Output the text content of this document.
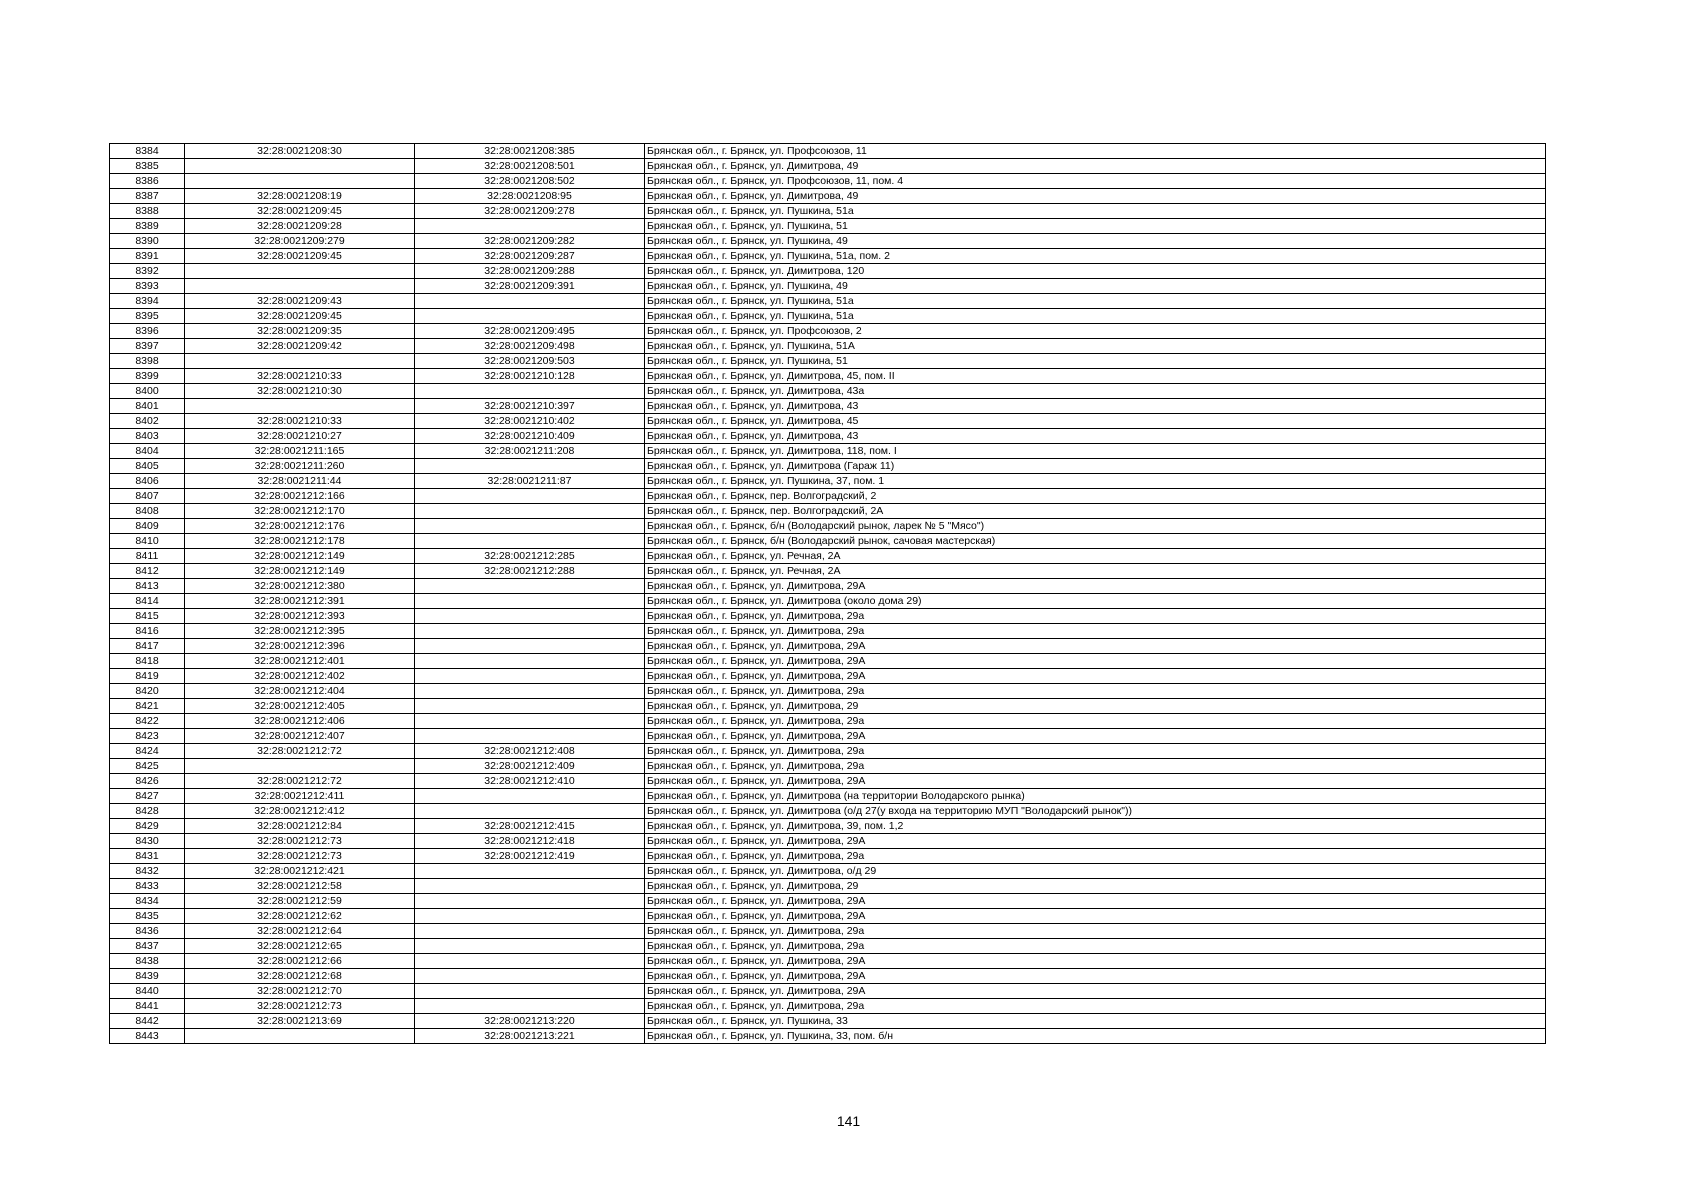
8384	32:28:0021208:30	32:28:0021208:385	Брянская обл., г. Брянск, ул. Профсоюзов, 11
8385		32:28:0021208:501	Брянская обл., г. Брянск, ул. Димитрова, 49
8386		32:28:0021208:502	Брянская обл., г. Брянск, ул. Профсоюзов, 11, пом. 4
8387	32:28:0021208:19	32:28:0021208:95	Брянская обл., г. Брянск, ул. Димитрова, 49
8388	32:28:0021209:45	32:28:0021209:278	Брянская обл., г. Брянск, ул. Пушкина, 51а
8389	32:28:0021209:28		Брянская обл., г. Брянск, ул. Пушкина, 51
8390	32:28:0021209:279	32:28:0021209:282	Брянская обл., г. Брянск, ул. Пушкина, 49
8391	32:28:0021209:45	32:28:0021209:287	Брянская обл., г. Брянск, ул. Пушкина, 51а, пом. 2
8392		32:28:0021209:288	Брянская обл., г. Брянск, ул. Димитрова, 120
8393		32:28:0021209:391	Брянская обл., г. Брянск, ул. Пушкина, 49
8394	32:28:0021209:43		Брянская обл., г. Брянск, ул. Пушкина, 51а
8395	32:28:0021209:45		Брянская обл., г. Брянск, ул. Пушкина, 51а
8396	32:28:0021209:35	32:28:0021209:495	Брянская обл., г. Брянск, ул. Профсоюзов, 2
8397	32:28:0021209:42	32:28:0021209:498	Брянская обл., г. Брянск, ул. Пушкина, 51А
8398		32:28:0021209:503	Брянская обл., г. Брянск, ул. Пушкина, 51
8399	32:28:0021210:33	32:28:0021210:128	Брянская обл., г. Брянск, ул. Димитрова, 45, пом. II
8400	32:28:0021210:30		Брянская обл., г. Брянск, ул. Димитрова, 43а
8401		32:28:0021210:397	Брянская обл., г. Брянск, ул. Димитрова, 43
8402	32:28:0021210:33	32:28:0021210:402	Брянская обл., г. Брянск, ул. Димитрова, 45
8403	32:28:0021210:27	32:28:0021210:409	Брянская обл., г. Брянск, ул. Димитрова, 43
8404	32:28:0021211:165	32:28:0021211:208	Брянская обл., г. Брянск, ул. Димитрова, 118, пом. I
8405	32:28:0021211:260		Брянская обл., г. Брянск, ул. Димитрова (Гараж 11)
8406	32:28:0021211:44	32:28:0021211:87	Брянская обл., г. Брянск, ул. Пушкина, 37, пом. 1
8407	32:28:0021212:166		Брянская обл., г. Брянск, пер. Волгоградский, 2
8408	32:28:0021212:170		Брянская обл., г. Брянск, пер. Волгоградский, 2А
8409	32:28:0021212:176		Брянская обл., г. Брянск, б/н (Володарский рынок, ларек № 5 "Мясо")
8410	32:28:0021212:178		Брянская обл., г. Брянск, б/н (Володарский рынок, сачовая мастерская)
8411	32:28:0021212:149	32:28:0021212:285	Брянская обл., г. Брянск, ул. Речная, 2А
8412	32:28:0021212:149	32:28:0021212:288	Брянская обл., г. Брянск, ул. Речная, 2А
8413	32:28:0021212:380		Брянская обл., г. Брянск, ул. Димитрова, 29А
8414	32:28:0021212:391		Брянская обл., г. Брянск, ул. Димитрова (около дома 29)
8415	32:28:0021212:393		Брянская обл., г. Брянск, ул. Димитрова, 29а
8416	32:28:0021212:395		Брянская обл., г. Брянск, ул. Димитрова, 29а
8417	32:28:0021212:396		Брянская обл., г. Брянск, ул. Димитрова, 29А
8418	32:28:0021212:401		Брянская обл., г. Брянск, ул. Димитрова, 29А
8419	32:28:0021212:402		Брянская обл., г. Брянск, ул. Димитрова, 29А
8420	32:28:0021212:404		Брянская обл., г. Брянск, ул. Димитрова, 29а
8421	32:28:0021212:405		Брянская обл., г. Брянск, ул. Димитрова, 29
8422	32:28:0021212:406		Брянская обл., г. Брянск, ул. Димитрова, 29а
8423	32:28:0021212:407		Брянская обл., г. Брянск, ул. Димитрова, 29А
8424	32:28:0021212:72	32:28:0021212:408	Брянская обл., г. Брянск, ул. Димитрова, 29а
8425		32:28:0021212:409	Брянская обл., г. Брянск, ул. Димитрова, 29а
8426	32:28:0021212:72	32:28:0021212:410	Брянская обл., г. Брянск, ул. Димитрова, 29А
8427	32:28:0021212:411		Брянская обл., г. Брянск, ул. Димитрова (на территории Володарского рынка)
8428	32:28:0021212:412		Брянская обл., г. Брянск, ул. Димитрова (о/д 27(у входа на территорию МУП "Володарский рынок"))
8429	32:28:0021212:84	32:28:0021212:415	Брянская обл., г. Брянск, ул. Димитрова, 39, пом. 1,2
8430	32:28:0021212:73	32:28:0021212:418	Брянская обл., г. Брянск, ул. Димитрова, 29А
8431	32:28:0021212:73	32:28:0021212:419	Брянская обл., г. Брянск, ул. Димитрова, 29а
8432	32:28:0021212:421		Брянская обл., г. Брянск, ул. Димитрова, о/д 29
8433	32:28:0021212:58		Брянская обл., г. Брянск, ул. Димитрова, 29
8434	32:28:0021212:59		Брянская обл., г. Брянск, ул. Димитрова, 29А
8435	32:28:0021212:62		Брянская обл., г. Брянск, ул. Димитрова, 29А
8436	32:28:0021212:64		Брянская обл., г. Брянск, ул. Димитрова, 29а
8437	32:28:0021212:65		Брянская обл., г. Брянск, ул. Димитрова, 29а
8438	32:28:0021212:66		Брянская обл., г. Брянск, ул. Димитрова, 29А
8439	32:28:0021212:68		Брянская обл., г. Брянск, ул. Димитрова, 29А
8440	32:28:0021212:70		Брянская обл., г. Брянск, ул. Димитрова, 29А
8441	32:28:0021212:73		Брянская обл., г. Брянск, ул. Димитрова, 29а
8442	32:28:0021213:69	32:28:0021213:220	Брянская обл., г. Брянск, ул. Пушкина, 33
8443		32:28:0021213:221	Брянская обл., г. Брянск, ул. Пушкина, 33, пом. б/н
141
